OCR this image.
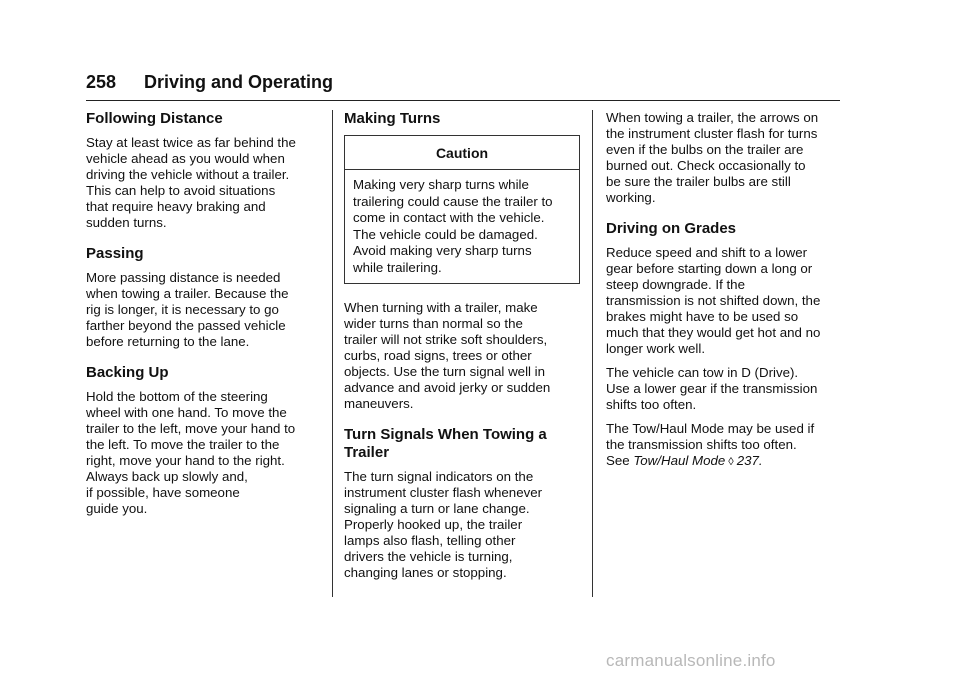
258 Driving and Operating
Following Distance

Stay at least twice as far behind the
vehicle ahead as you would when
driving the vehicle without a trailer.
This can help to avoid situations
that require heavy braking and
sudden turns.

Passing

More passing distance is needed
when towing a trailer. Because the
rig is longer, it is necessary to go
farther beyond the passed vehicle
before returning to the lane.

Backing Up

Hold the bottom of the steering
wheel with one hand. To move the
trailer to the left, move your hand to
the left. To move the trailer to the
right, move your hand to the right.
Always back up slowly and,
if possible, have someone
guide you.

Making Turns
Caution
Making very sharp turns while
trailering could cause the trailer to
come in contact with the vehicle.
The vehicle could be damaged.
Avoid making very sharp turns
while trailering.

When turning with a trailer, make
wider turns than normal so the
trailer will not strike soft shoulders,
curbs, road signs, trees or other
objects. Use the turn signal well in
advance and avoid jerky or sudden
maneuvers.

Turn Signals When Towing a
Trailer

The turn signal indicators on the
instrument cluster flash whenever
signaling a turn or lane change.
Properly hooked up, the trailer
lamps also flash, telling other
drivers the vehicle is turning,
changing lanes or stopping.

When towing a trailer, the arrows on
the instrument cluster flash for turns
even if the bulbs on the trailer are
burned out. Check occasionally to
be sure the trailer bulbs are still
working.

Driving on Grades

Reduce speed and shift to a lower
gear before starting down a long or
steep downgrade. If the
transmission is not shifted down, the
brakes might have to be used so
much that they would get hot and no
longer work well.

The vehicle can tow in D (Drive).
Use a lower gear if the transmission
shifts too often.

The Tow/Haul Mode may be used if
the transmission shifts too often.
See Tow/Haul Mode ◊ 237.

carmanualsonline.info
